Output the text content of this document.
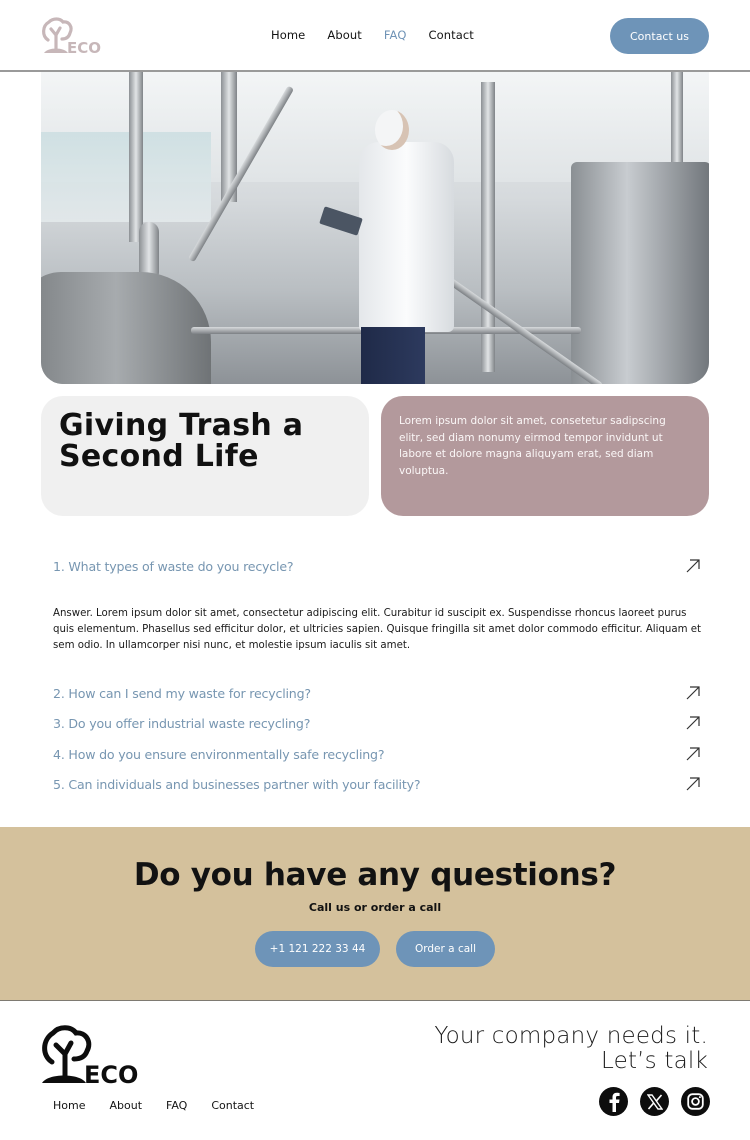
ECO
Home About FAQ Contact	Contact us
Giving Trash a
Second Life

Lorem ipsum dolor sit amet, consetetur sadipscing elitr, sed diam nonumy eirmod tempor invidunt ut labore et dolore magna aliquyam erat, sed diam voluptua.

1. What types of waste do you recycle?

Answer. Lorem ipsum dolor sit amet, consectetur adipiscing elit. Curabitur id suscipit ex. Suspendisse rhoncus laoreet purus quis elementum. Phasellus sed efficitur dolor, et ultricies sapien. Quisque fringilla sit amet dolor commodo efficitur. Aliquam et sem odio. In ullamcorper nisi nunc, et molestie ipsum iaculis sit amet.

2. How can I send my waste for recycling?
3. Do you offer industrial waste recycling?
4. How do you ensure environmentally safe recycling?
5. Can individuals and businesses partner with your facility?
Do you have any questions?
Call us or order a call
+1 121 222 33 44	Order a call
ECO
Home About FAQ Contact
Your company needs it.
Let’s talk
